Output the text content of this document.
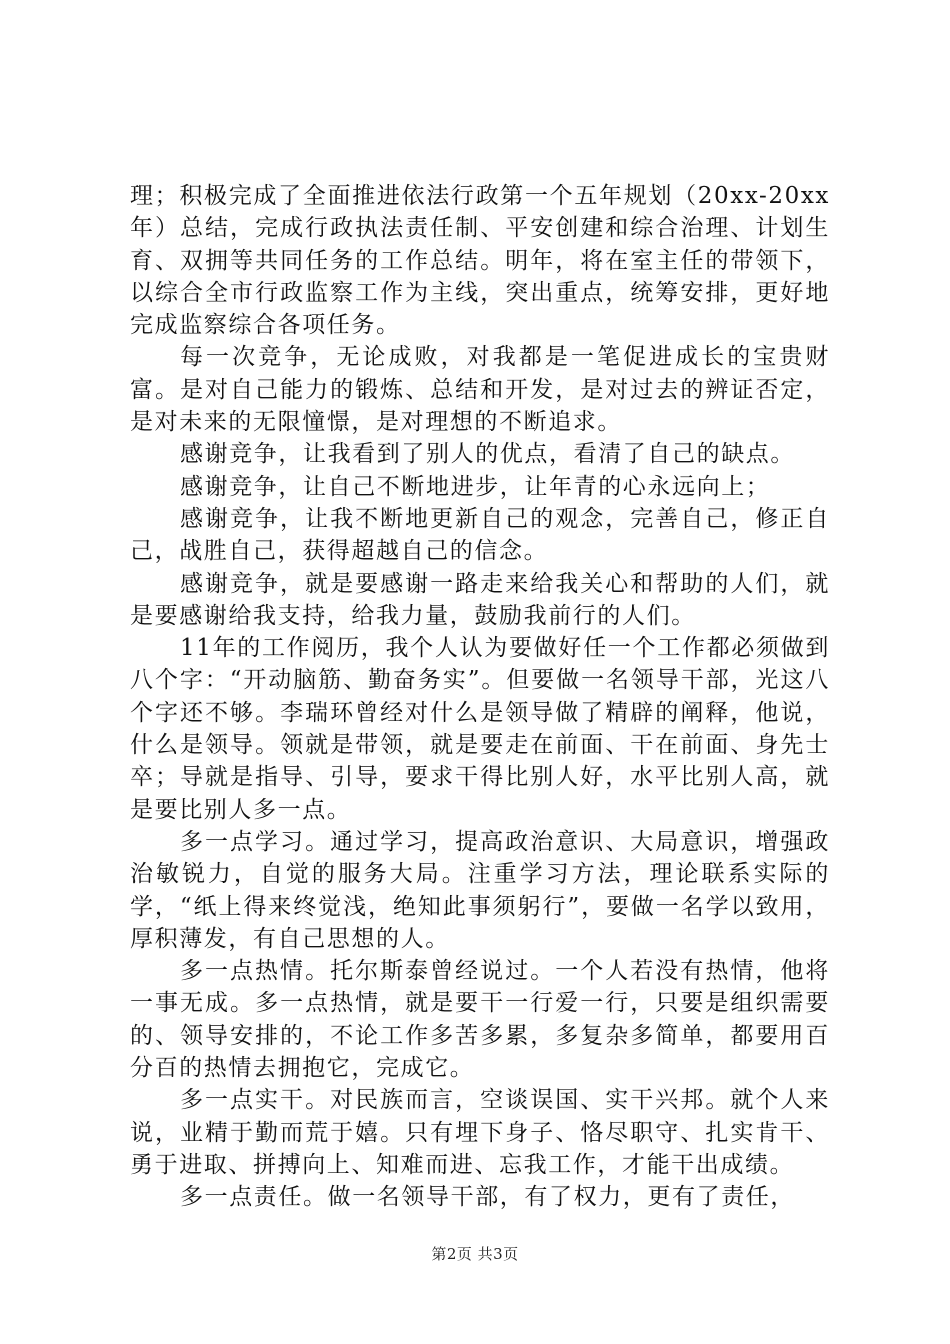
理；积极完成了全面推进依法行政第一个五年规划（20xx-20xx年）总结，完成行政执法责任制、平安创建和综合治理、计划生育、双拥等共同任务的工作总结。明年，将在室主任的带领下，以综合全市行政监察工作为主线，突出重点，统筹安排，更好地完成监察综合各项任务。

每一次竞争，无论成败，对我都是一笔促进成长的宝贵财富。是对自己能力的锻炼、总结和开发，是对过去的辨证否定，是对未来的无限憧憬，是对理想的不断追求。

感谢竞争，让我看到了别人的优点，看清了自己的缺点。

感谢竞争，让自己不断地进步，让年青的心永远向上；

感谢竞争，让我不断地更新自己的观念，完善自己，修正自己，战胜自己，获得超越自己的信念。

感谢竞争，就是要感谢一路走来给我关心和帮助的人们，就是要感谢给我支持，给我力量，鼓励我前行的人们。

11年的工作阅历，我个人认为要做好任一个工作都必须做到八个字：“开动脑筋、勤奋务实”。但要做一名领导干部，光这八个字还不够。李瑞环曾经对什么是领导做了精辟的阐释，他说，什么是领导。领就是带领，就是要走在前面、干在前面、身先士卒；导就是指导、引导，要求干得比别人好，水平比别人高，就是要比别人多一点。

多一点学习。通过学习，提高政治意识、大局意识，增强政治敏锐力，自觉的服务大局。注重学习方法，理论联系实际的学，“纸上得来终觉浅，绝知此事须躬行”，要做一名学以致用，厚积薄发，有自己思想的人。

多一点热情。托尔斯泰曾经说过。一个人若没有热情，他将一事无成。多一点热情，就是要干一行爱一行，只要是组织需要的、领导安排的，不论工作多苦多累，多复杂多简单，都要用百分百的热情去拥抱它，完成它。

多一点实干。对民族而言，空谈误国、实干兴邦。就个人来说，业精于勤而荒于嬉。只有埋下身子、恪尽职守、扎实肯干、勇于进取、拼搏向上、知难而进、忘我工作，才能干出成绩。

多一点责任。做一名领导干部，有了权力，更有了责任，

第2页 共3页
